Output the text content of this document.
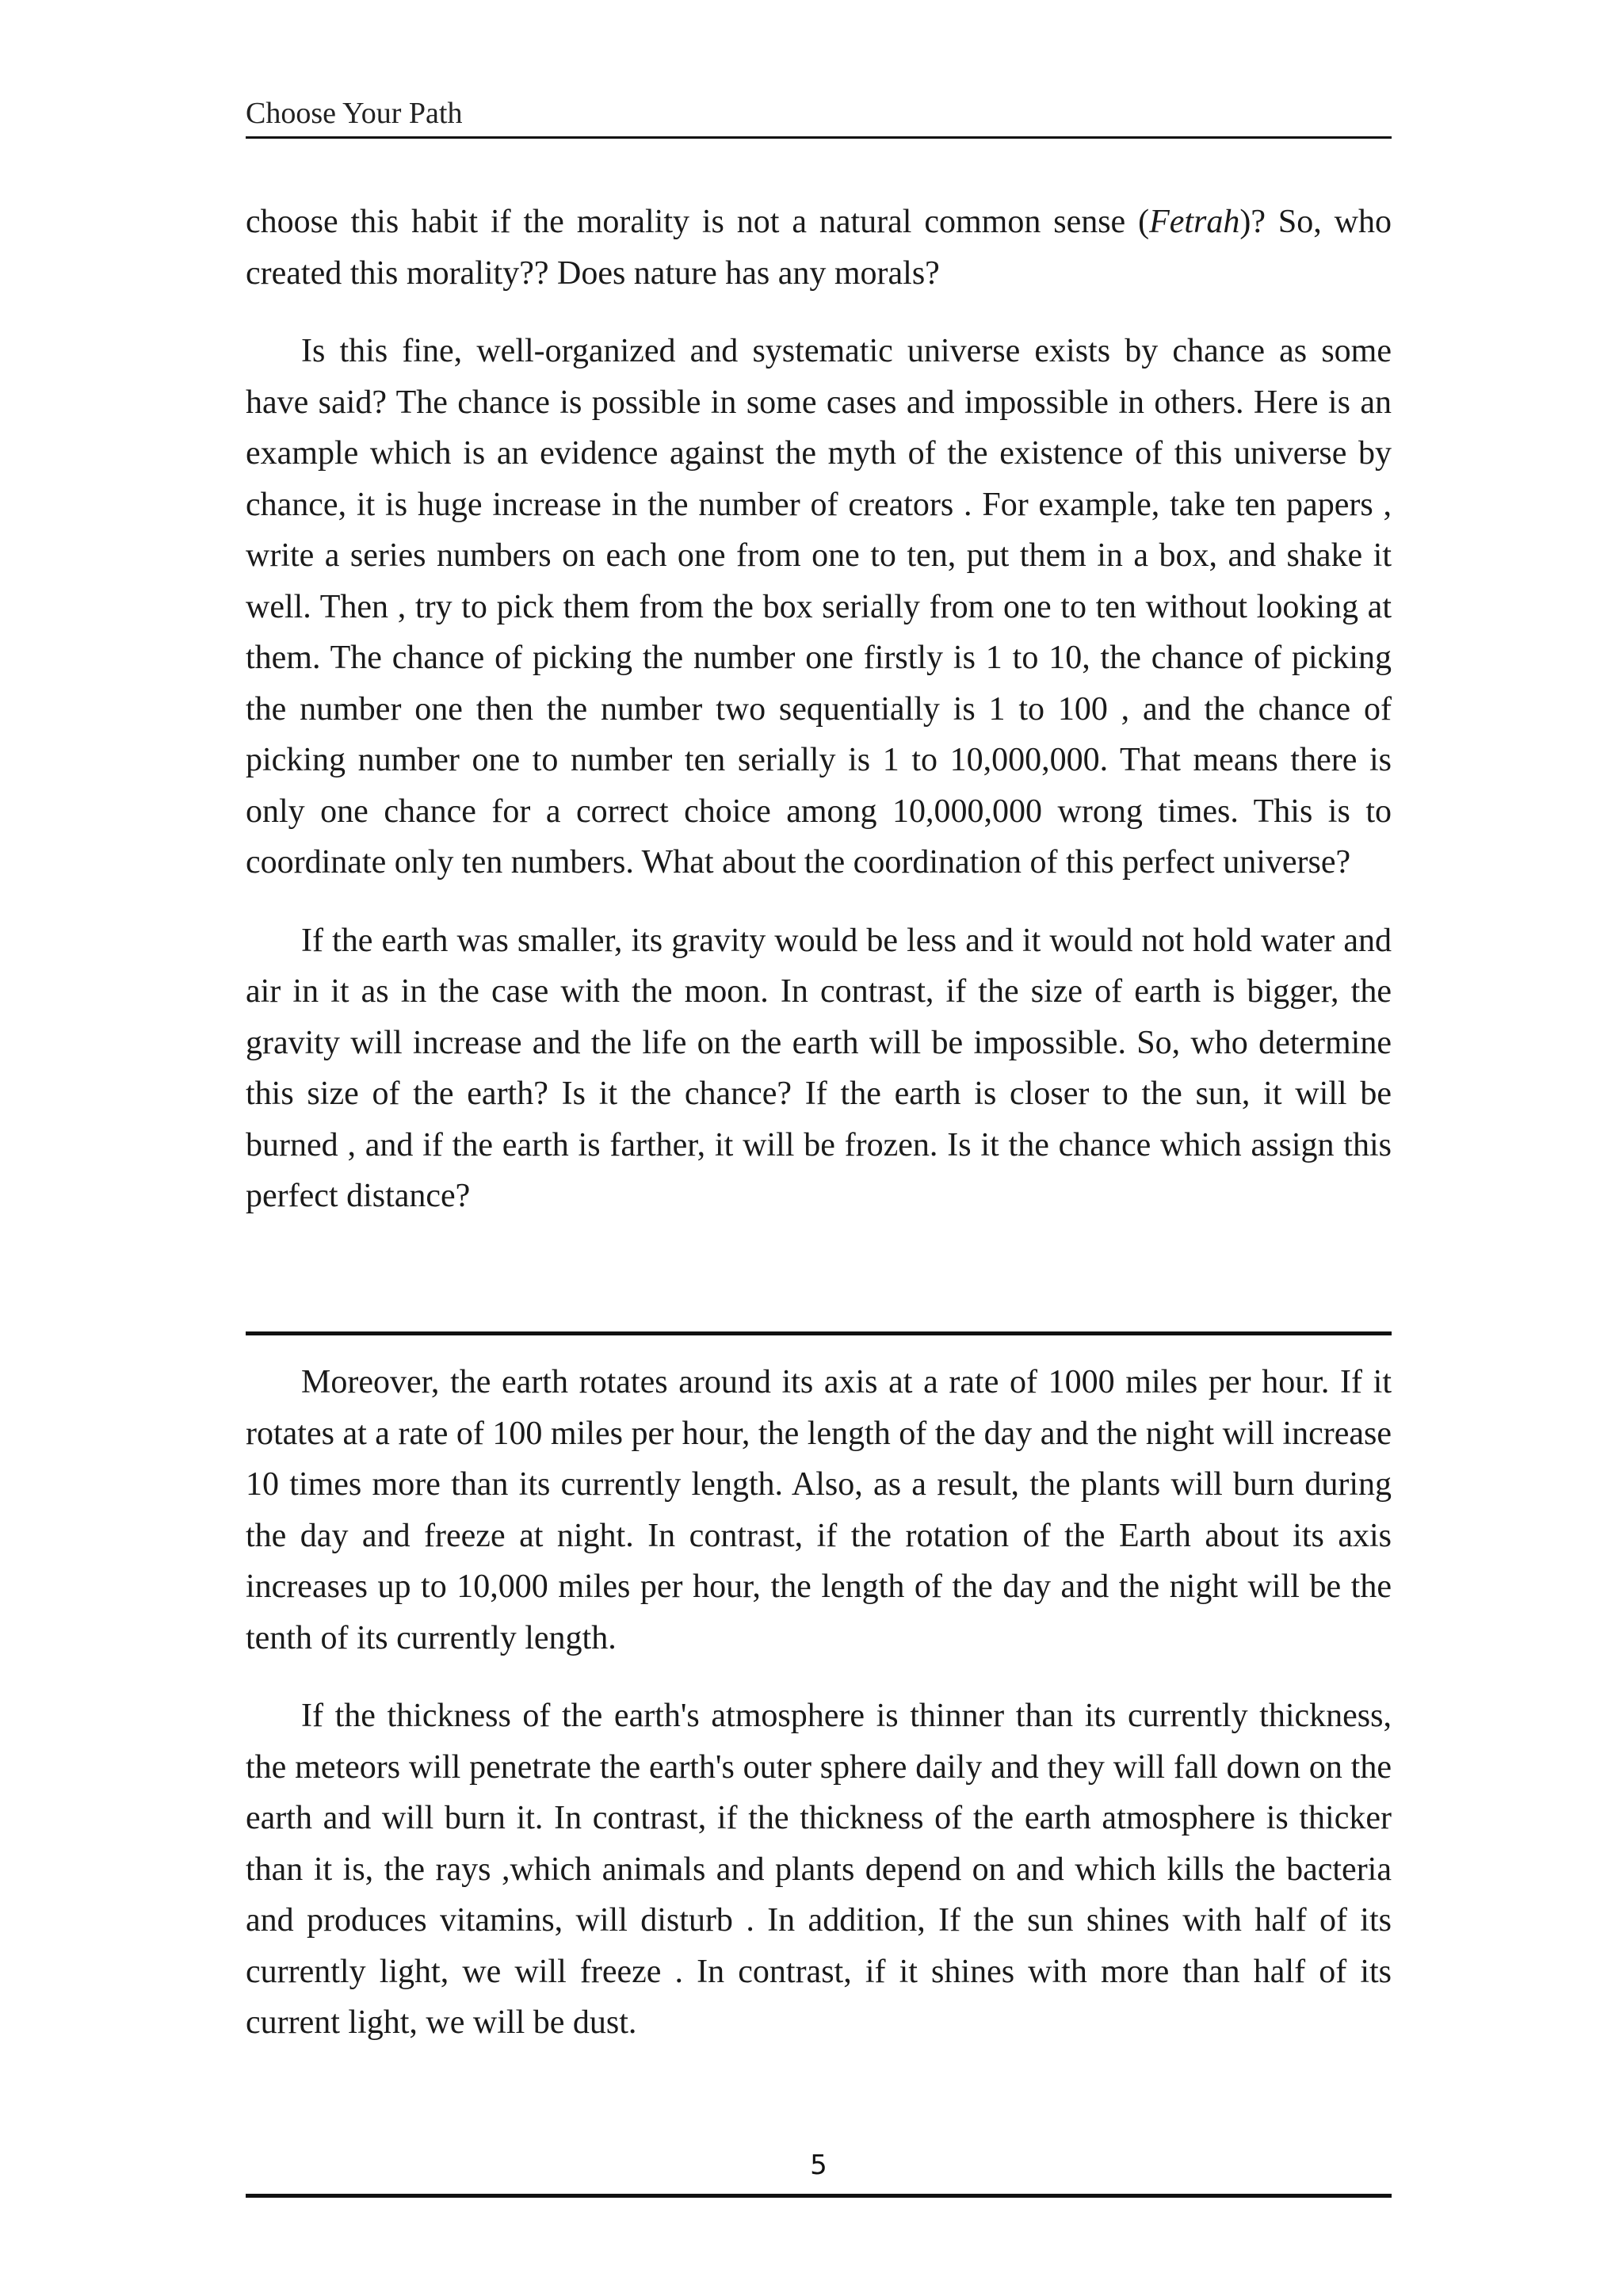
Choose Your Path

choose this habit if the morality is not a natural common sense (Fetrah)? So, who created this morality?? Does nature has any morals?

Is this fine, well-organized and systematic universe exists by chance as some have said? The chance is possible in some cases and impossible in others. Here is an example which is an evidence against the myth of the existence of this universe by chance, it is huge increase in the number of creators . For example, take ten papers , write a series numbers on each one from one to ten, put them in a box, and shake it well. Then , try to pick them from the box serially from one to ten without looking at them. The chance of picking the number one firstly is 1 to 10, the chance of picking the number one then the number two sequentially is 1 to 100 , and the chance of picking number one to number ten serially is 1 to 10,000,000. That means there is only one chance for a correct choice among 10,000,000 wrong times. This is to coordinate only ten numbers. What about the coordination of this perfect universe?

If the earth was smaller, its gravity would be less and it would not hold water and air in it as in the case with the moon. In contrast, if the size of earth is bigger, the gravity will increase and the life on the earth will be impossible. So, who determine this size of the earth? Is it the chance? If the earth is closer to the sun, it will be burned , and if the earth is farther, it will be frozen. Is it the chance which assign this perfect distance?

Moreover, the earth rotates around its axis at a rate of 1000 miles per hour. If it rotates at a rate of 100 miles per hour, the length of the day and the night will increase 10 times more than its currently length. Also, as a result, the plants will burn during the day and freeze at night. In contrast, if the rotation of the Earth about its axis increases up to 10,000 miles per hour, the length of the day and the night will be the tenth of its currently length.

If the thickness of the earth's atmosphere is thinner than its currently thickness, the meteors will penetrate the earth's outer sphere daily and they will fall down on the earth and will burn it. In contrast, if the thickness of the earth atmosphere is thicker than it is, the rays ,which animals and plants depend on and which kills the bacteria and produces vitamins, will disturb . In addition, If the sun shines with half of its currently light, we will freeze . In contrast, if it shines with more than half of its current light, we will be dust.

5
